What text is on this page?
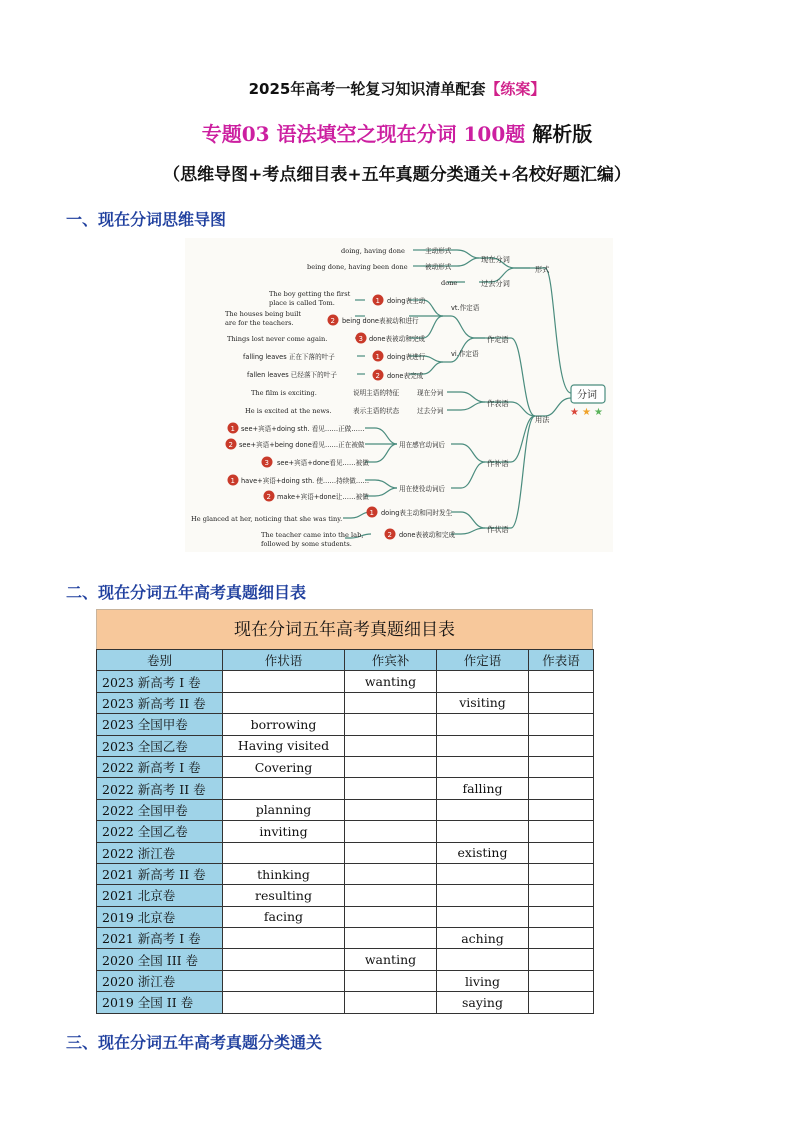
2025年高考一轮复习知识清单配套【练案】
专题03 语法填空之现在分词 100题 解析版
（思维导图+考点细目表+五年真题分类通关+名校好题汇编）
一、现在分词思维导图
分词
★ ★ ★
形式
用法
现在分词
过去分词
doing, having done	主动形式
being done, having been done	被动形式
done
作定语
vt.作定语
vi.作定语
The boy getting the first
place is called Tom.
The houses being built
are for the teachers.
Things lost never come again.
falling leaves 正在下落的叶子
fallen leaves 已经落下的叶子
1 doing表主动
2 being done表被动和进行
3 done表被动和完成
1 doing表进行
2 done表完成
作表语
The film is exciting.
He is excited at the news.
说明主语的特征
表示主语的状态
现在分词
过去分词
作补语
用在感官动词后
用在使役动词后
1 see+宾语+doing sth. 看见……正做……
2 see+宾语+being done看见……正在被做
3 see+宾语+done看见……被做
1 have+宾语+doing sth. 使……持续做……
2 make+宾语+done让……被做
作状语
He glanced at her, noticing that she was tiny.
The teacher came into the lab,
followed by some students.
1 doing表主动和同时发生
2 done表被动和完成
二、现在分词五年高考真题细目表
现在分词五年高考真题细目表
卷别	作状语	作宾补	作定语	作表语
2023 新高考 I 卷		wanting		
2023 新高考 II 卷			visiting	
2023 全国甲卷	borrowing			
2023 全国乙卷	Having visited			
2022 新高考 I 卷	Covering			
2022 新高考 II 卷			falling	
2022 全国甲卷	planning			
2022 全国乙卷	inviting			
2022 浙江卷			existing	
2021 新高考 II 卷	thinking			
2021 北京卷	resulting			
2019 北京卷	facing			
2021 新高考 I 卷			aching	
2020 全国 III 卷		wanting		
2020 浙江卷			living	
2019 全国 II 卷			saying	
三、现在分词五年高考真题分类通关
